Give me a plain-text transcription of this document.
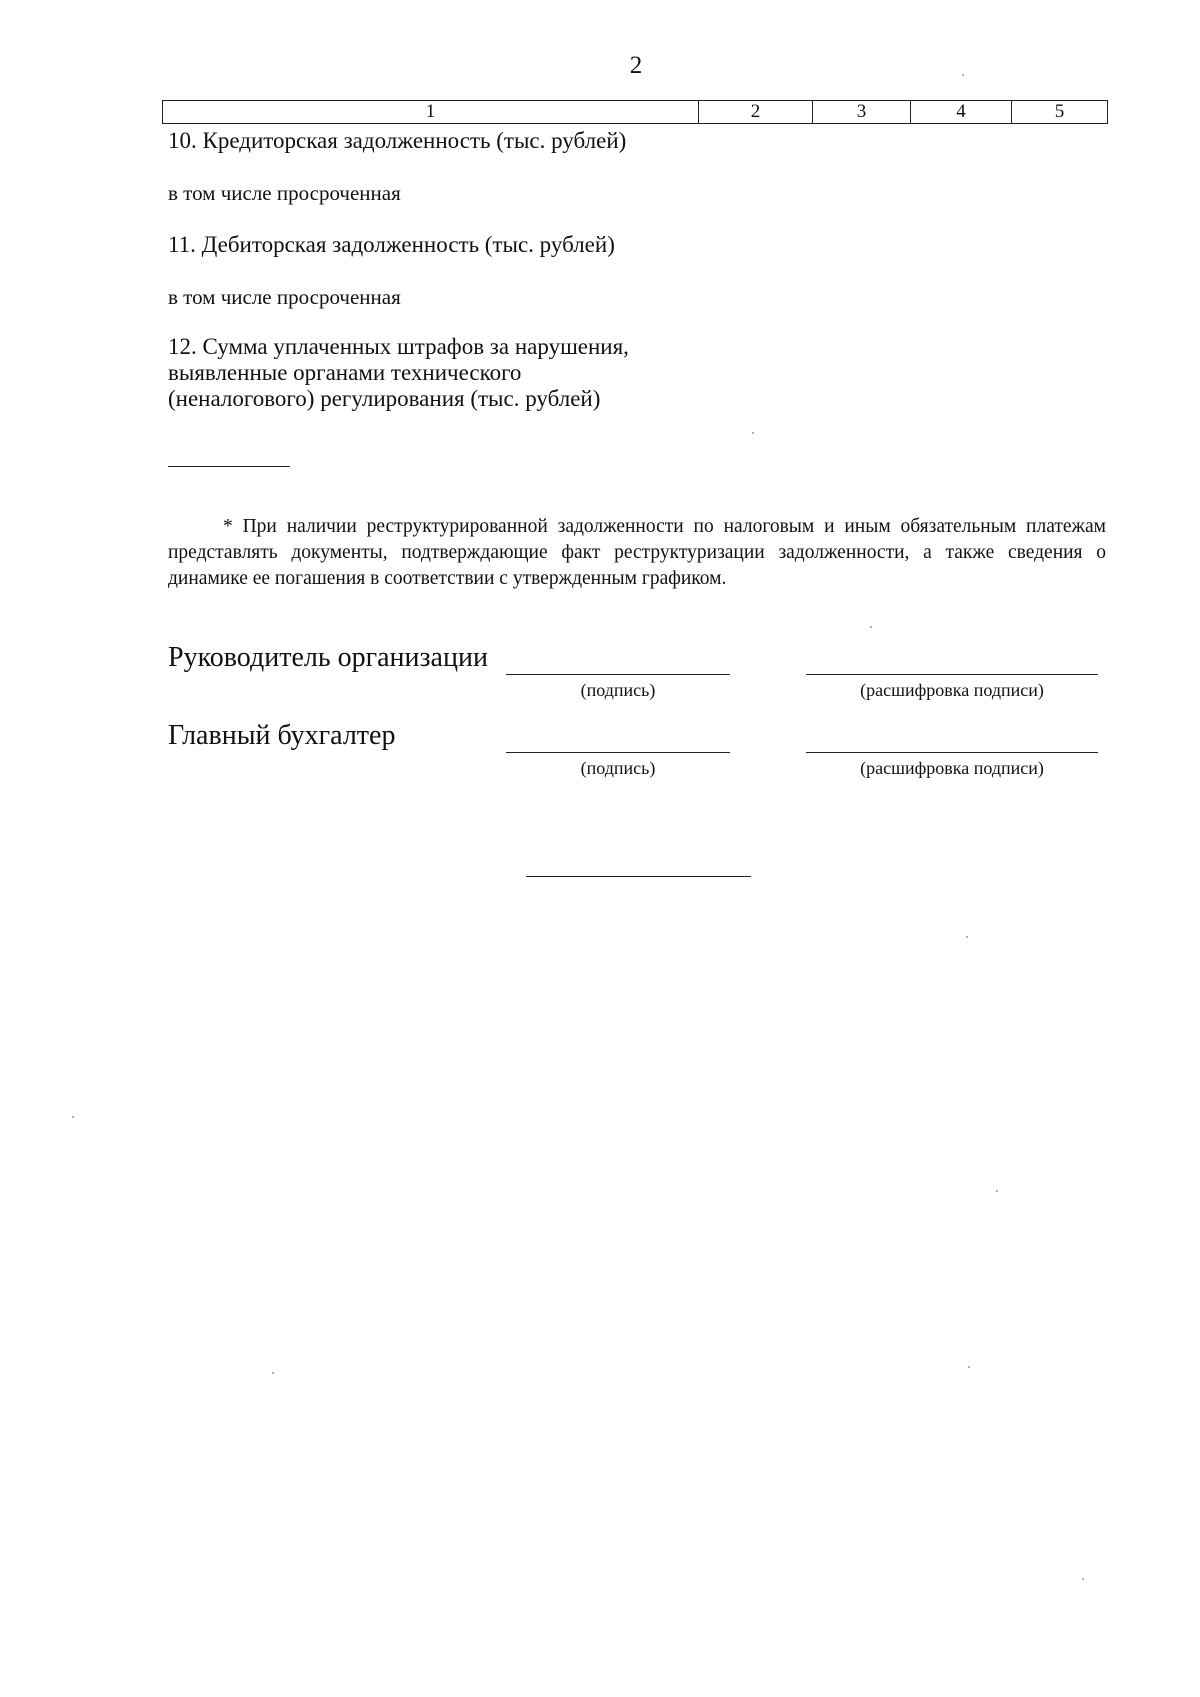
2
1	2	3	4	5

10. Кредиторская задолженность (тыс. рублей)

в том числе просроченная

11. Дебиторская задолженность (тыс. рублей)

в том числе просроченная

12. Сумма уплаченных штрафов за нарушения,
выявленные органами технического
(неналогового) регулирования (тыс. рублей)

* При наличии реструктурированной задолженности по налоговым и иным обязательным платежам представлять документы, подтверждающие факт реструктуризации задолженности, а также сведения о динамике ее погашения в соответствии с утвержденным графиком.

Руководитель организации
(подпись)	(расшифровка подписи)
Главный бухгалтер
(подпись)	(расшифровка подписи)
